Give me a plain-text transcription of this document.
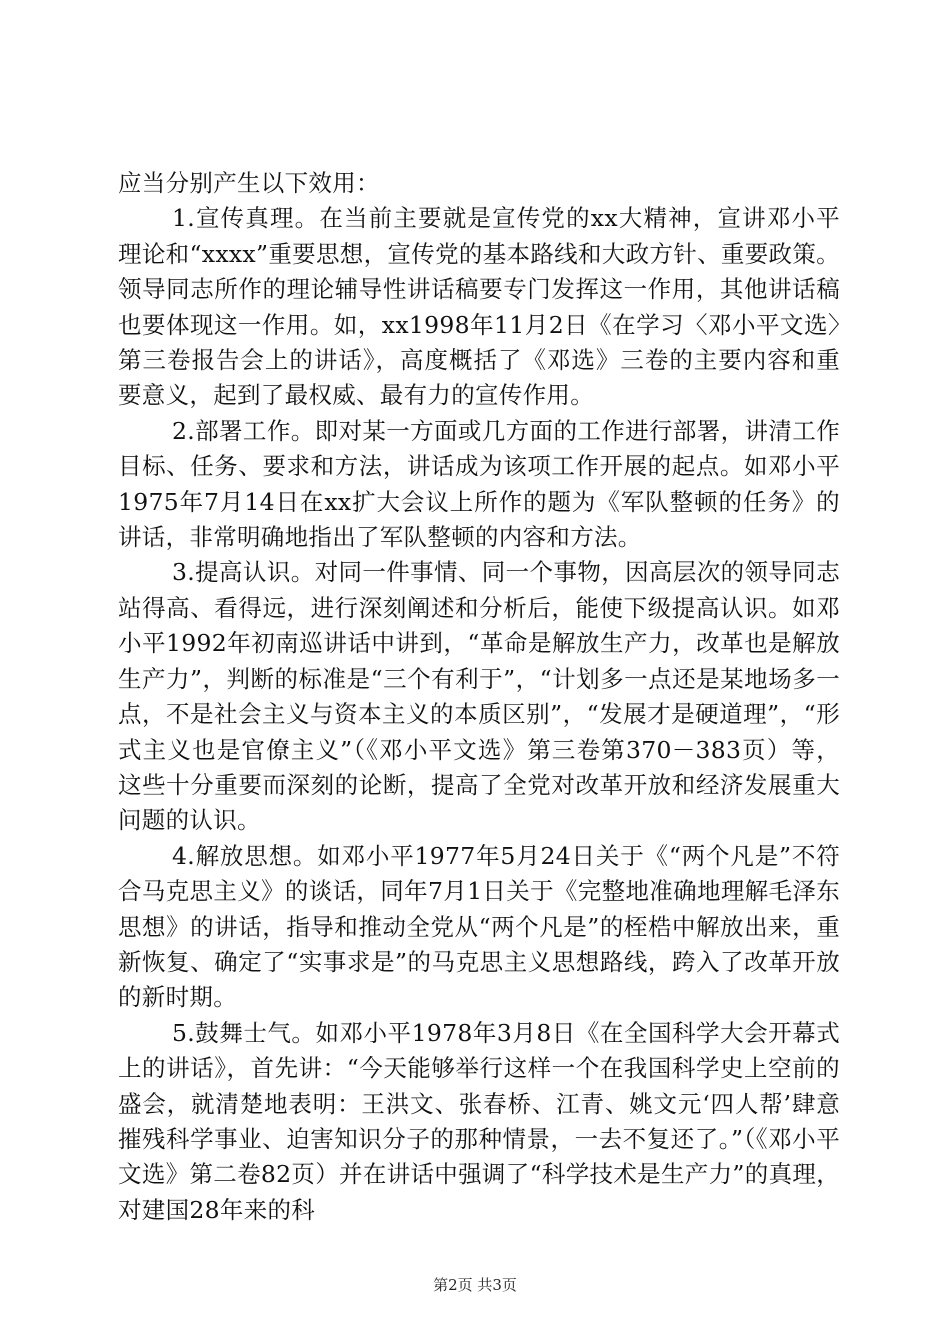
应当分别产生以下效用：

1.宣传真理。在当前主要就是宣传党的xx大精神，宣讲邓小平理论和“xxxx”重要思想，宣传党的基本路线和大政方针、重要政策。领导同志所作的理论辅导性讲话稿要专门发挥这一作用，其他讲话稿也要体现这一作用。如，xx1998年11月2日《在学习〈邓小平文选〉第三卷报告会上的讲话》，高度概括了《邓选》三卷的主要内容和重要意义，起到了最权威、最有力的宣传作用。

2.部署工作。即对某一方面或几方面的工作进行部署，讲清工作目标、任务、要求和方法，讲话成为该项工作开展的起点。如邓小平1975年7月14日在xx扩大会议上所作的题为《军队整顿的任务》的讲话，非常明确地指出了军队整顿的内容和方法。

3.提高认识。对同一件事情、同一个事物，因高层次的领导同志站得高、看得远，进行深刻阐述和分析后，能使下级提高认识。如邓小平1992年初南巡讲话中讲到，“革命是解放生产力，改革也是解放生产力”，判断的标准是“三个有利于”，“计划多一点还是某地场多一点，不是社会主义与资本主义的本质区别”，“发展才是硬道理”，“形式主义也是官僚主义”（《邓小平文选》第三卷第370－383页）等，这些十分重要而深刻的论断，提高了全党对改革开放和经济发展重大问题的认识。

4.解放思想。如邓小平1977年5月24日关于《“两个凡是”不符合马克思主义》的谈话，同年7月1日关于《完整地准确地理解毛泽东思想》的讲话，指导和推动全党从“两个凡是”的桎梏中解放出来，重新恢复、确定了“实事求是”的马克思主义思想路线，跨入了改革开放的新时期。

5.鼓舞士气。如邓小平1978年3月8日《在全国科学大会开幕式上的讲话》，首先讲：“今天能够举行这样一个在我国科学史上空前的盛会，就清楚地表明：王洪文、张春桥、江青、姚文元‘四人帮’肆意摧残科学事业、迫害知识分子的那种情景，一去不复还了。”（《邓小平文选》第二卷82页）并在讲话中强调了“科学技术是生产力”的真理，对建国28年来的科

第2页 共3页
